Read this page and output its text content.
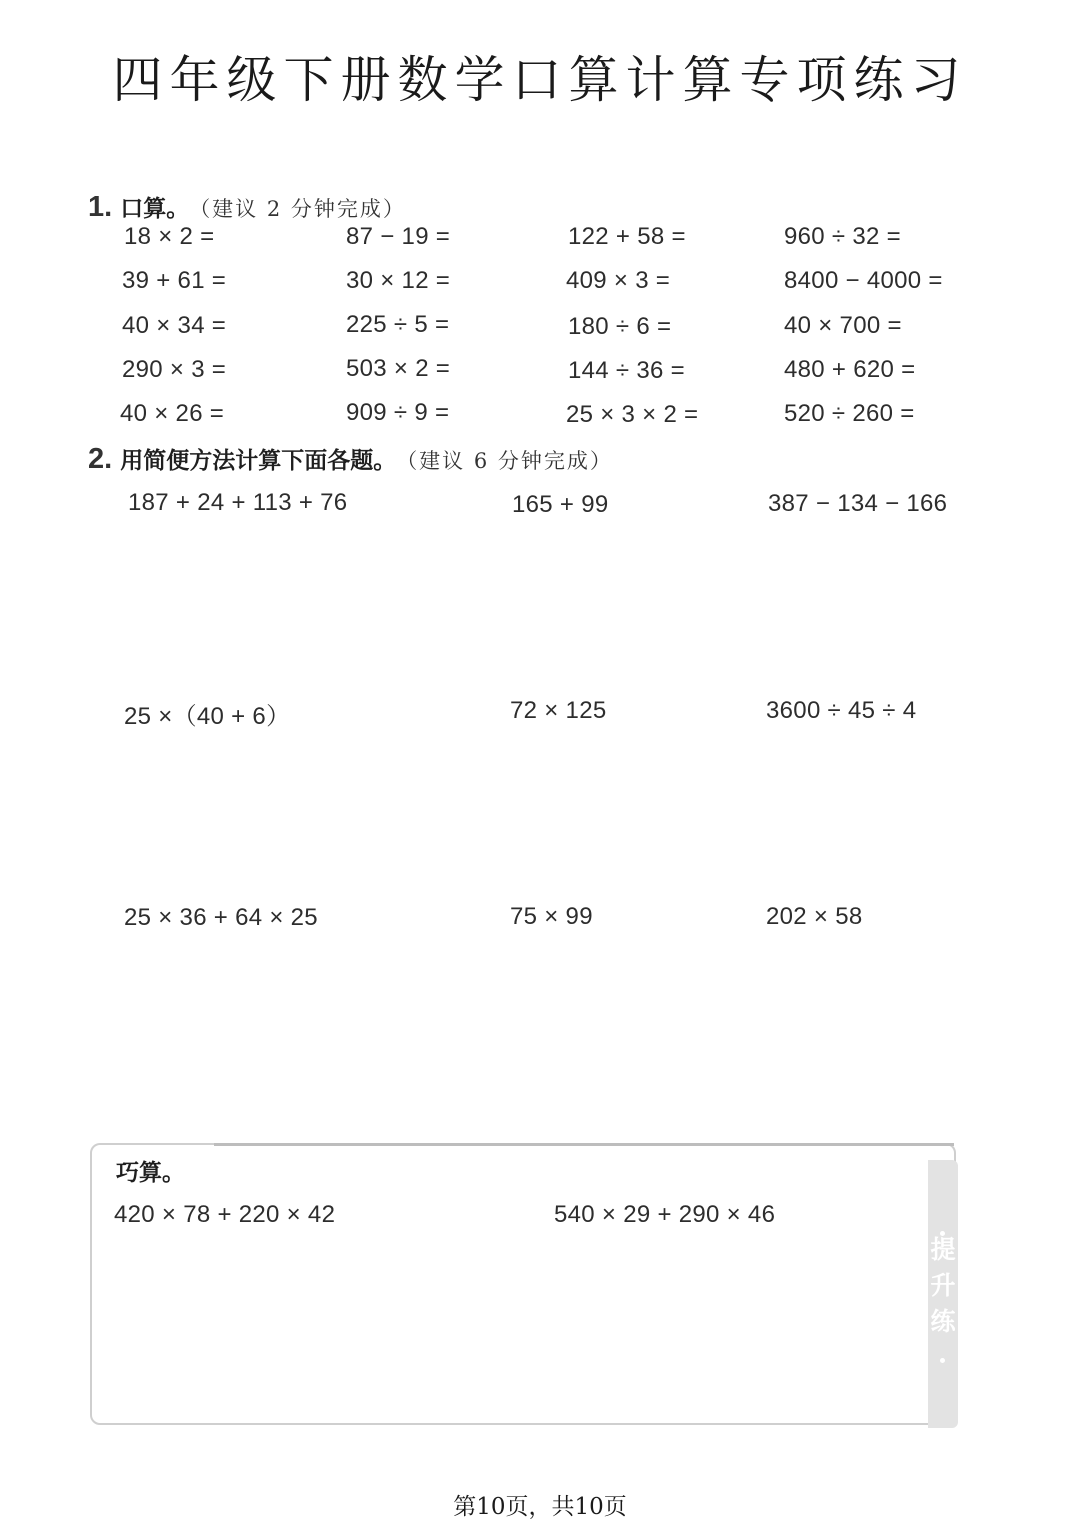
四年级下册数学口算计算专项练习
1. 口算。 （建议 2 分钟完成）
18 × 2 =	87 − 19 =	122 + 58 =	960 ÷ 32 =
39 + 61 =	30 × 12 =	409 × 3 =	8400 − 4000 =
40 × 34 =	225 ÷ 5 =	180 ÷ 6 =	40 × 700 =
290 × 3 =	503 × 2 =	144 ÷ 36 =	480 + 620 =
40 × 26 =	909 ÷ 9 =	25 × 3 × 2 =	520 ÷ 260 =
2. 用简便方法计算下面各题。 （建议 6 分钟完成）
187 + 24 + 113 + 76	165 + 99	387 − 134 − 166
25 ×（40 + 6）	72 × 125	3600 ÷ 45 ÷ 4
25 × 36 + 64 × 25	75 × 99	202 × 58
巧算。
420 × 78 + 220 × 42	540 × 29 + 290 × 46
提升练
第10页，共10页
